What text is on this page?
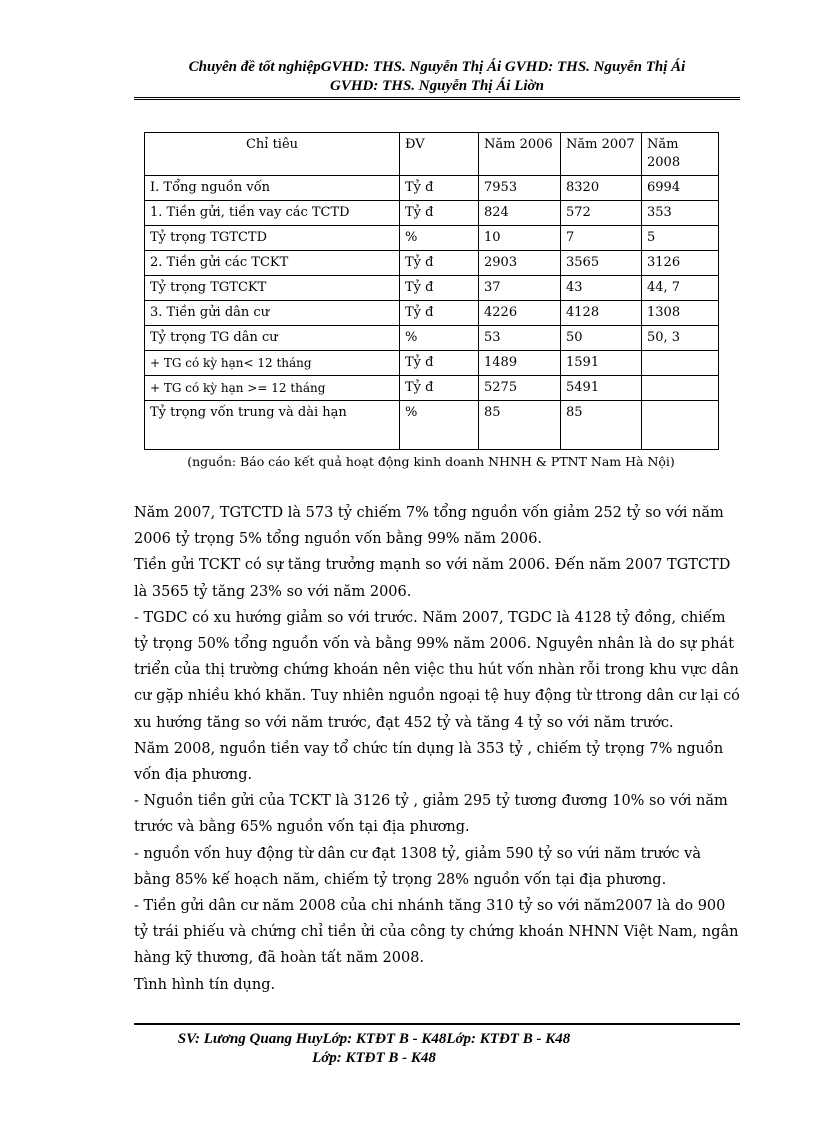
Chuyên đề tốt nghiệpGVHD: THS. Nguyễn Thị Ái GVHD: THS. Nguyễn Thị Ái
GVHD: THS. Nguyễn Thị Ái Liờn
Chỉ tiêu	ĐV	Năm 2006	Năm 2007	Năm 2008
I. Tổng nguồn vốn	Tỷ đ	7953	8320	6994
1. Tiền gửi, tiền vay các TCTD	Tỷ đ	824	572	353
Tỷ trọng TGTCTD	%	10	7	5
2. Tiền gửi các TCKT	Tỷ đ	2903	3565	3126
Tỷ trọng TGTCKT	Tỷ đ	37	43	44, 7
3. Tiền gửi dân cư	Tỷ đ	4226	4128	1308
Tỷ trọng TG dân cư	%	53	50	50, 3
+ TG có kỳ hạn< 12 tháng	Tỷ đ	1489	1591	
+ TG có kỳ hạn >= 12 tháng	Tỷ đ	5275	5491	
Tỷ trọng vốn trung và dài hạn	%	85	85	
(nguồn: Báo cáo kết quả hoạt động kinh doanh NHNH & PTNT Nam Hà Nội)

Năm 2007, TGTCTD là 573 tỷ chiếm 7% tổng nguồn vốn giảm 252 tỷ so với năm 2006 tỷ trọng 5% tổng nguồn vốn bằng 99% năm 2006.

Tiền gửi TCKT có sự tăng trưởng mạnh so với năm 2006. Đến năm 2007 TGTCTD là 3565 tỷ tăng 23% so với năm 2006.

- TGDC có xu hướng giảm so với trước. Năm 2007, TGDC là 4128 tỷ đồng, chiếm tỷ trọng 50% tổng nguồn vốn và bằng 99% năm 2006. Nguyên nhân là do sự phát triển của thị trường chứng khoán nên việc thu hút vốn nhàn rỗi trong khu vực dân cư gặp nhiều khó khăn. Tuy nhiên nguồn ngoại tệ huy động từ ttrong dân cư lại có xu hướng tăng so với năm trước, đạt 452 tỷ và tăng 4 tỷ so với năm trước.

Năm 2008, nguồn tiền vay tổ chức tín dụng là 353 tỷ , chiếm tỷ trọng 7% nguồn vốn địa phương.

- Nguồn tiền gửi của TCKT là 3126 tỷ , giảm 295 tỷ tương đương 10% so với năm trước và bằng 65% nguồn vốn tại địa phương.

- nguồn vốn huy động từ dân cư đạt 1308 tỷ, giảm 590 tỷ so vứi năm trước và bằng 85% kế hoạch năm, chiếm tỷ trọng 28% nguồn vốn tại địa phương.

- Tiền gửi dân cư năm 2008 của chi nhánh tăng 310 tỷ so với năm2007 là do 900 tỷ trái phiếu và chứng chỉ tiền ửi của công ty chứng khoán NHNN Việt Nam, ngân hàng kỹ thương, đã hoàn tất năm 2008.

Tình hình tín dụng.

SV: Lương Quang HuyLớp: KTĐT B - K48Lớp: KTĐT B - K48
Lớp: KTĐT B - K48
